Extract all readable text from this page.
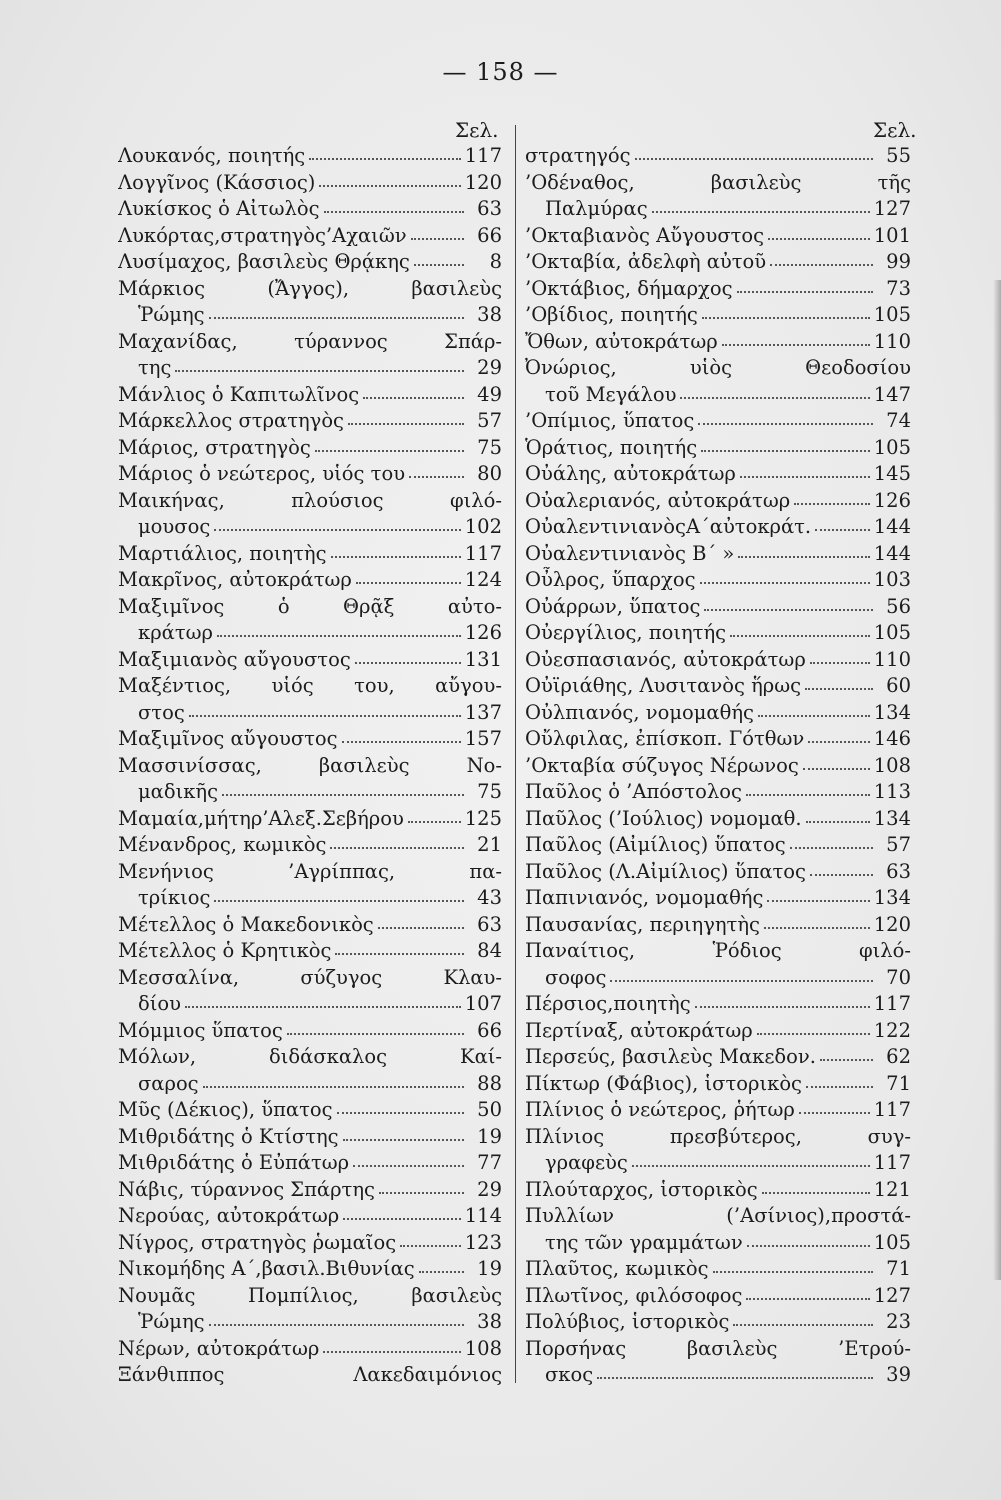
— 158 —
Σελ.	Σελ.
Λουκανός, ποιητής	117
Λογγῖνος (Κάσσιος)	120
Λυκίσκος ὁ Αἰτωλὸς	63
Λυκόρτας,στρατηγὸς’Αχαιῶν	66
Λυσίμαχος, βασιλεὺς Θρᾴκης	8
Μάρκιος (Ἄγγος), βασιλεὺς
Ῥώμης	38
Μαχανίδας, τύραννος Σπάρ-
της	29
Μάνλιος ὁ Καπιτωλῖνος	49
Μάρκελλος στρατηγὸς	57
Μάριος, στρατηγὸς	75
Μάριος ὁ νεώτερος, υἱός του	80
Μαικήνας, πλούσιος φιλό-
μουσος	102
Μαρτιάλιος, ποιητὴς	117
Μακρῖνος, αὐτοκράτωρ	124
Μαξιμῖνος ὁ Θρᾷξ αὐτο-
κράτωρ	126
Μαξιμιανὸς αὔγουστος	131
Μαξέντιος, υἱός του, αὔγου-
στος	137
Μαξιμῖνος αὔγουστος	157
Μασσινίσσας, βασιλεὺς Νο-
μαδικῆς	75
Μαμαία,μήτηρ’Αλεξ.Σεβήρου	125
Μένανδρος, κωμικὸς	21
Μενήνιος ’Αγρίππας, πα-
τρίκιος	43
Μέτελλος ὁ Μακεδονικὸς	63
Μέτελλος ὁ Κρητικὸς	84
Μεσσαλίνα, σύζυγος Κλαυ-
δίου	107
Μόμμιος ὕπατος	66
Μόλων, διδάσκαλος Καί-
σαρος	88
Μῦς (Δέκιος), ὕπατος	50
Μιθριδάτης ὁ Κτίστης	19
Μιθριδάτης ὁ Εὐπάτωρ	77
Νάβις, τύραννος Σπάρτης	29
Νερούας, αὐτοκράτωρ	114
Νίγρος, στρατηγὸς ῥωμαῖος	123
Νικομήδης Α΄,βασιλ.Βιθυνίας	19
Νουμᾶς Πομπίλιος, βασιλεὺς
Ῥώμης	38
Νέρων, αὐτοκράτωρ	108
Ξάνθιππος Λακεδαιμόνιος
στρατηγός	55
’Οδέναθος, βασιλεὺς τῆς
Παλμύρας	127
’Οκταβιανὸς Αὔγουστος	101
’Οκταβία, ἀδελφὴ αὐτοῦ	99
’Οκτάβιος, δήμαρχος	73
’Οβίδιος, ποιητής	105
Ὄθων, αὐτοκράτωρ	110
Ὀνώριος, υἱὸς Θεοδοσίου
τοῦ Μεγάλου	147
’Οπίμιος, ὕπατος	74
Ὁράτιος, ποιητής	105
Οὐάλης, αὐτοκράτωρ	145
Οὐαλεριανός, αὐτοκράτωρ	126
ΟὐαλεντινιανὸςΑ΄αὐτοκράτ.	144
Οὐαλεντινιανὸς Β΄ »	144
Οὖλρος, ὕπαρχος	103
Οὐάρρων, ὕπατος	56
Οὐεργίλιος, ποιητής	105
Οὐεσπασιανός, αὐτοκράτωρ	110
Οὐϊριάθης, Λυσιτανὸς ἥρως	60
Οὐλπιανός, νομομαθής	134
Οὔλφιλας, ἐπίσκοπ. Γότθων	146
’Οκταβία σύζυγος Νέρωνος	108
Παῦλος ὁ ’Απόστολος	113
Παῦλος (’Ιούλιος) νομομαθ.	134
Παῦλος (Αἰμίλιος) ὕπατος	57
Παῦλος (Λ.Αἰμίλιος) ὕπατος	63
Παπινιανός, νομομαθής	134
Παυσανίας, περιηγητὴς	120
Παναίτιος, Ῥόδιος φιλό-
σοφος	70
Πέρσιος,ποιητὴς	117
Περτίναξ, αὐτοκράτωρ	122
Περσεύς, βασιλεὺς Μακεδον.	62
Πίκτωρ (Φάβιος), ἱστορικὸς	71
Πλίνιος ὁ νεώτερος, ῥήτωρ	117
Πλίνιος πρεσβύτερος, συγ-
γραφεὺς	117
Πλούταρχος, ἱστορικὸς	121
Πυλλίων (’Ασίνιος),προστά-
της τῶν γραμμάτων	105
Πλαῦτος, κωμικὸς	71
Πλωτῖνος, φιλόσοφος	127
Πολύβιος, ἱστορικὸς	23
Πορσήνας βασιλεὺς ’Ετρού-
σκος	39
